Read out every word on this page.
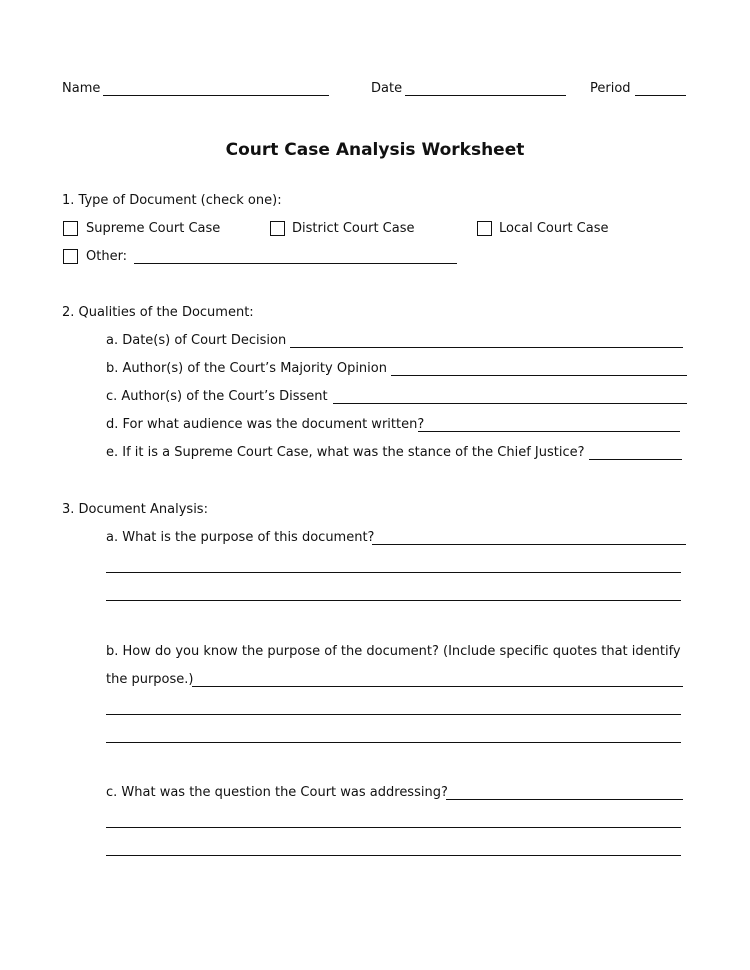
Name	Date	Period
Court Case Analysis Worksheet
1. Type of Document (check one):
Supreme Court Case	District Court Case	Local Court Case
Other:
2. Qualities of the Document:
a. Date(s) of Court Decision
b. Author(s) of the Court’s Majority Opinion
c. Author(s) of the Court’s Dissent
d. For what audience was the document written?
e. If it is a Supreme Court Case, what was the stance of the Chief Justice?
3. Document Analysis:
a. What is the purpose of this document?
b. How do you know the purpose of the document? (Include specific quotes that identify
the purpose.)
c. What was the question the Court was addressing?
